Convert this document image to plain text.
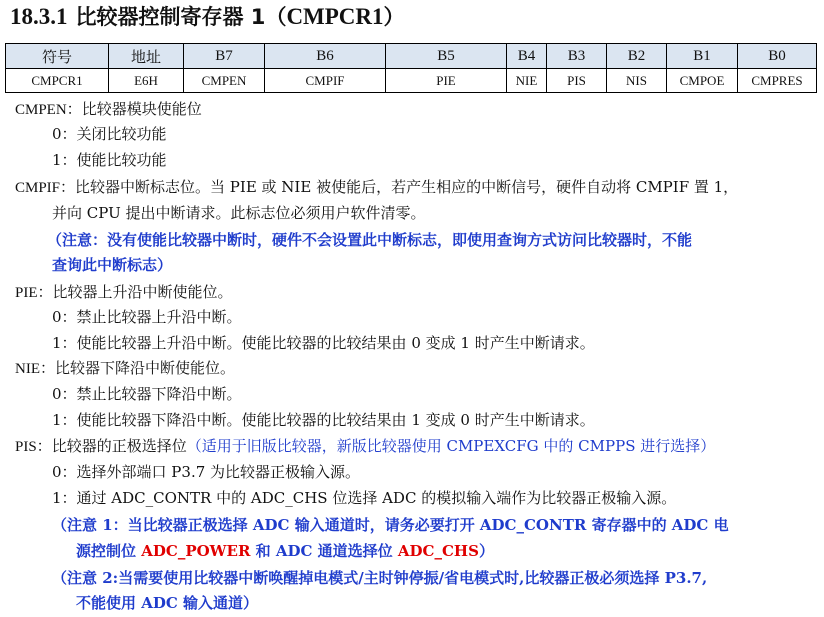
18.3.1 比较器控制寄存器 1（CMPCR1）
符号	地址	B7	B6	B5	B4	B3	B2	B1	B0
CMPCR1	E6H	CMPEN	CMPIF	PIE	NIE	PIS	NIS	CMPOE	CMPRES
CMPEN：比较器模块使能位
0：关闭比较功能
1：使能比较功能
CMPIF：比较器中断标志位。当 PIE 或 NIE 被使能后，若产生相应的中断信号，硬件自动将 CMPIF 置 1，
并向 CPU 提出中断请求。此标志位必须用户软件清零。
（注意：没有使能比较器中断时，硬件不会设置此中断标志，即使用查询方式访问比较器时，不能
查询此中断标志）
PIE：比较器上升沿中断使能位。
0：禁止比较器上升沿中断。
1：使能比较器上升沿中断。使能比较器的比较结果由 0 变成 1 时产生中断请求。
NIE：比较器下降沿中断使能位。
0：禁止比较器下降沿中断。
1：使能比较器下降沿中断。使能比较器的比较结果由 1 变成 0 时产生中断请求。
PIS：比较器的正极选择位（适用于旧版比较器，新版比较器使用 CMPEXCFG 中的 CMPPS 进行选择）
0：选择外部端口 P3.7 为比较器正极输入源。
1：通过 ADC_CONTR 中的 ADC_CHS 位选择 ADC 的模拟输入端作为比较器正极输入源。
（注意 1：当比较器正极选择 ADC 输入通道时，请务必要打开 ADC_CONTR 寄存器中的 ADC 电
源控制位 ADC_POWER 和 ADC 通道选择位 ADC_CHS）
（注意 2:当需要使用比较器中断唤醒掉电模式/主时钟停振/省电模式时,比较器正极必须选择 P3.7,
不能使用 ADC 输入通道）
